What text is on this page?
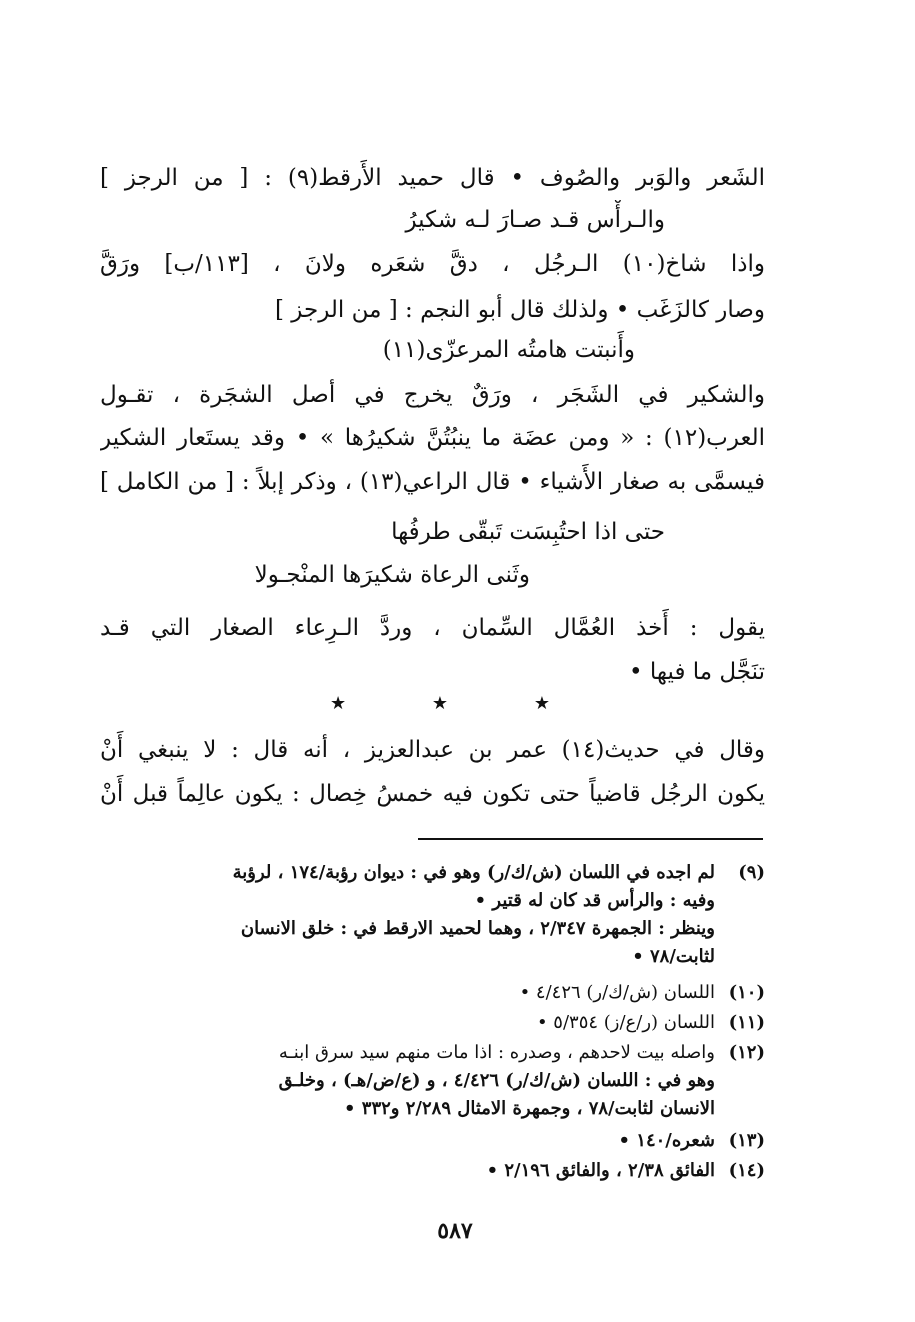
الشَعر والوَبر والصُوف • قال حميد الأَرقط(٩) : [ من الرجز ]
والـرأْس قـد صـارَ لـه شكيرُ
واذا شاخ(١٠) الـرجُل ، دقَّ شعَره ولانَ ، [١١٣/ب] ورَقَّ
وصار كالزَغَب • ولذلك قال أبو النجم : [ من الرجز ]
وأَنبتت هامتُه المرعزّى(١١)
والشكير في الشَجَر ، ورَقٌ يخرج في أصل الشجَرة ، تقـول
العرب(١٢) : « ومن عضَة ما ينبُتُنَّ شكيرُها » • وقد يستَعار الشكير
فيسمَّى به صغار الأَشياء • قال الراعي(١٣) ، وذكر إبلاً : [ من الكامل ]
حتى اذا احتُبِسَت تَبقّى طرفُها
وثَنى الرعاة شكيرَها المنْجـولا
يقول : أَخذ العُمَّال السِّمان ، وردَّ الـرِعاء الصغار التي قـد
تنَجَّل ما فيها •
★	★	★
وقال في حديث(١٤) عمر بن عبدالعزيز ، أنه قال : لا ينبغي أَنْ
يكون الرجُل قاضياً حتى تكون فيه خمسُ خِصال : يكون عالِماً قبل أَنْ
(٩)
لم اجده في اللسان (ش/ك/ر) وهو في : ديوان رؤبة/١٧٤ ، لرؤبة
وفيه : والرأس قد كان له قتير •
وينظر : الجمهرة ٢/٣٤٧ ، وهما لحميد الارقط في : خلق الانسان
لثابت/٧٨ •
(١٠)
اللسان (ش/ك/ر) ٤/٤٢٦ •
(١١)
اللسان (ر/ع/ز) ٥/٣٥٤ •
(١٢)
واصله بيت لاحدهم ، وصدره : اذا مات منهم سيد سرق ابنـه
وهو في : اللسان (ش/ك/ر) ٤/٤٢٦ ، و (ع/ض/هـ) ، وخلـق
الانسان لثابت/٧٨ ، وجمهرة الامثال ٢/٢٨٩ و٣٣٢ •
(١٣)
شعره/١٤٠ •
(١٤)
الفائق ٢/٣٨ ، والفائق ٢/١٩٦ •
٥٨٧
